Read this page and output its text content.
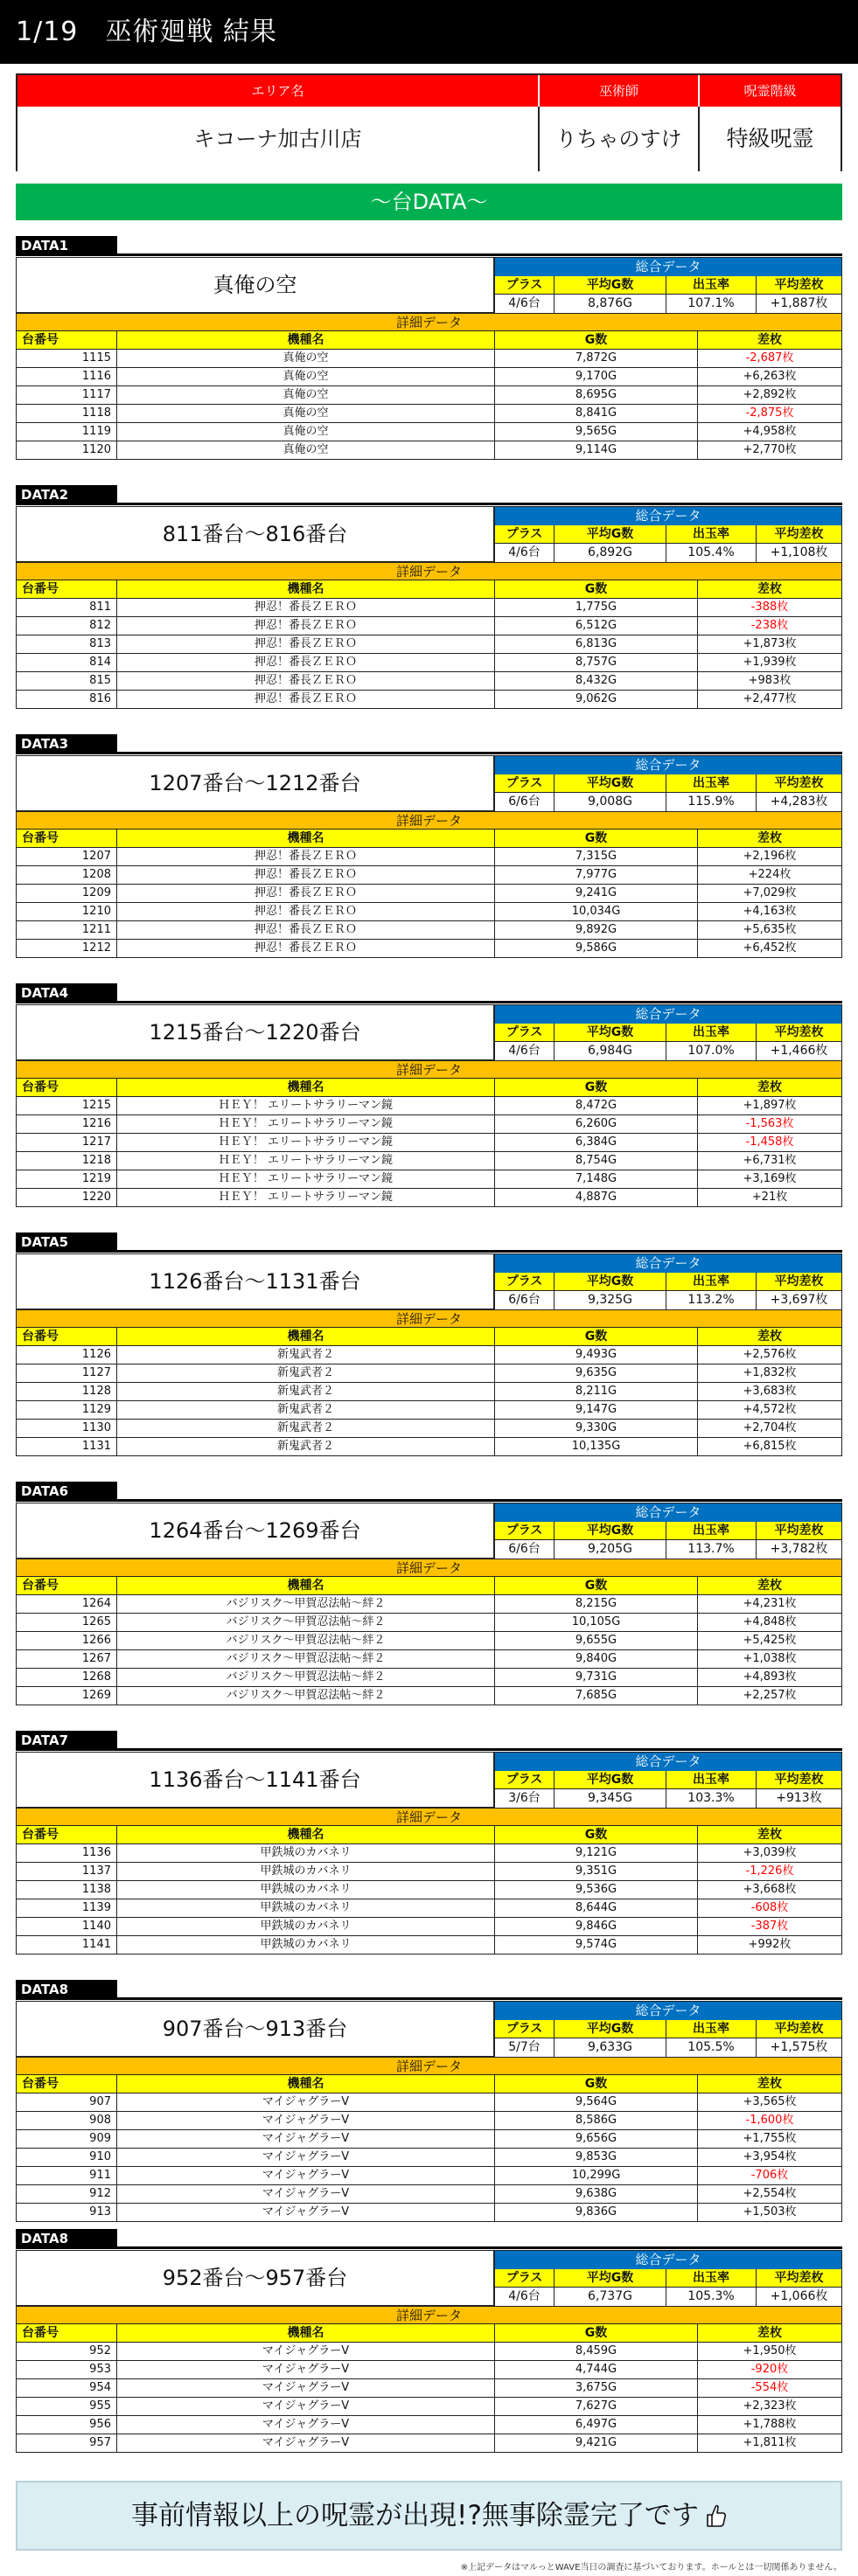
1/19　巫術廻戦 結果
エリア名	巫術師	呪霊階級
キコーナ加古川店	りちゃのすけ	特級呪霊
～台DATA～
DATA1
真俺の空
総合データ
プラス
4/6台
平均G数
8,876G
出玉率
107.1%
平均差枚
+1,887枚
詳細データ
台番号	機種名	G数	差枚
1115	真俺の空	7,872G	-2,687枚
1116	真俺の空	9,170G	+6,263枚
1117	真俺の空	8,695G	+2,892枚
1118	真俺の空	8,841G	-2,875枚
1119	真俺の空	9,565G	+4,958枚
1120	真俺の空	9,114G	+2,770枚
DATA2
811番台～816番台
総合データ
プラス
4/6台
平均G数
6,892G
出玉率
105.4%
平均差枚
+1,108枚
詳細データ
台番号	機種名	G数	差枚
811	押忍！番長ＺＥＲＯ	1,775G	-388枚
812	押忍！番長ＺＥＲＯ	6,512G	-238枚
813	押忍！番長ＺＥＲＯ	6,813G	+1,873枚
814	押忍！番長ＺＥＲＯ	8,757G	+1,939枚
815	押忍！番長ＺＥＲＯ	8,432G	+983枚
816	押忍！番長ＺＥＲＯ	9,062G	+2,477枚
DATA3
1207番台～1212番台
総合データ
プラス
6/6台
平均G数
9,008G
出玉率
115.9%
平均差枚
+4,283枚
詳細データ
台番号	機種名	G数	差枚
1207	押忍！番長ＺＥＲＯ	7,315G	+2,196枚
1208	押忍！番長ＺＥＲＯ	7,977G	+224枚
1209	押忍！番長ＺＥＲＯ	9,241G	+7,029枚
1210	押忍！番長ＺＥＲＯ	10,034G	+4,163枚
1211	押忍！番長ＺＥＲＯ	9,892G	+5,635枚
1212	押忍！番長ＺＥＲＯ	9,586G	+6,452枚
DATA4
1215番台～1220番台
総合データ
プラス
4/6台
平均G数
6,984G
出玉率
107.0%
平均差枚
+1,466枚
詳細データ
台番号	機種名	G数	差枚
1215	ＨＥＹ！ エリートサラリーマン鏡	8,472G	+1,897枚
1216	ＨＥＹ！ エリートサラリーマン鏡	6,260G	-1,563枚
1217	ＨＥＹ！ エリートサラリーマン鏡	6,384G	-1,458枚
1218	ＨＥＹ！ エリートサラリーマン鏡	8,754G	+6,731枚
1219	ＨＥＹ！ エリートサラリーマン鏡	7,148G	+3,169枚
1220	ＨＥＹ！ エリートサラリーマン鏡	4,887G	+21枚
DATA5
1126番台～1131番台
総合データ
プラス
6/6台
平均G数
9,325G
出玉率
113.2%
平均差枚
+3,697枚
詳細データ
台番号	機種名	G数	差枚
1126	新鬼武者２	9,493G	+2,576枚
1127	新鬼武者２	9,635G	+1,832枚
1128	新鬼武者２	8,211G	+3,683枚
1129	新鬼武者２	9,147G	+4,572枚
1130	新鬼武者２	9,330G	+2,704枚
1131	新鬼武者２	10,135G	+6,815枚
DATA6
1264番台～1269番台
総合データ
プラス
6/6台
平均G数
9,205G
出玉率
113.7%
平均差枚
+3,782枚
詳細データ
台番号	機種名	G数	差枚
1264	バジリスク～甲賀忍法帖～絆２	8,215G	+4,231枚
1265	バジリスク～甲賀忍法帖～絆２	10,105G	+4,848枚
1266	バジリスク～甲賀忍法帖～絆２	9,655G	+5,425枚
1267	バジリスク～甲賀忍法帖～絆２	9,840G	+1,038枚
1268	バジリスク～甲賀忍法帖～絆２	9,731G	+4,893枚
1269	バジリスク～甲賀忍法帖～絆２	7,685G	+2,257枚
DATA7
1136番台～1141番台
総合データ
プラス
3/6台
平均G数
9,345G
出玉率
103.3%
平均差枚
+913枚
詳細データ
台番号	機種名	G数	差枚
1136	甲鉄城のカバネリ	9,121G	+3,039枚
1137	甲鉄城のカバネリ	9,351G	-1,226枚
1138	甲鉄城のカバネリ	9,536G	+3,668枚
1139	甲鉄城のカバネリ	8,644G	-608枚
1140	甲鉄城のカバネリ	9,846G	-387枚
1141	甲鉄城のカバネリ	9,574G	+992枚
DATA8
907番台～913番台
総合データ
プラス
5/7台
平均G数
9,633G
出玉率
105.5%
平均差枚
+1,575枚
詳細データ
台番号	機種名	G数	差枚
907	マイジャグラーV	9,564G	+3,565枚
908	マイジャグラーV	8,586G	-1,600枚
909	マイジャグラーV	9,656G	+1,755枚
910	マイジャグラーV	9,853G	+3,954枚
911	マイジャグラーV	10,299G	-706枚
912	マイジャグラーV	9,638G	+2,554枚
913	マイジャグラーV	9,836G	+1,503枚
DATA8
952番台～957番台
総合データ
プラス
4/6台
平均G数
6,737G
出玉率
105.3%
平均差枚
+1,066枚
詳細データ
台番号	機種名	G数	差枚
952	マイジャグラーV	8,459G	+1,950枚
953	マイジャグラーV	4,744G	-920枚
954	マイジャグラーV	3,675G	-554枚
955	マイジャグラーV	7,627G	+2,323枚
956	マイジャグラーV	6,497G	+1,788枚
957	マイジャグラーV	9,421G	+1,811枚
事前情報以上の呪霊が出現!?無事除霊完了です
※上記データはマルっとWAVE当日の調査に基づいております。ホールとは一切関係ありません。
